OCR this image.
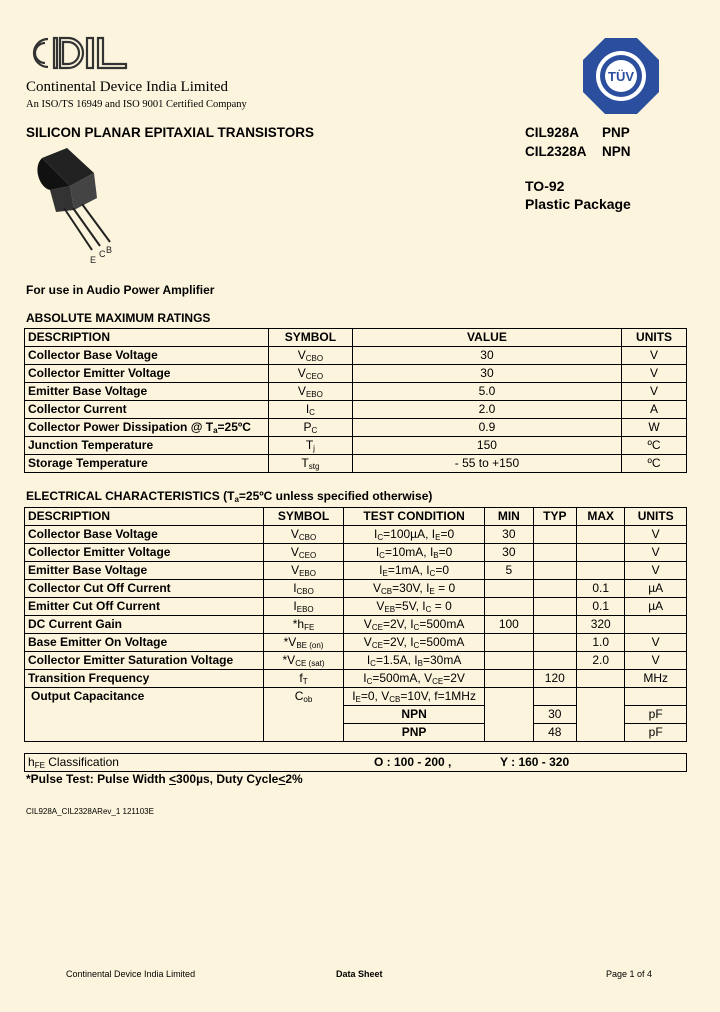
CDIL
Continental Device India Limited
An ISO/TS 16949 and ISO 9001 Certified Company
TÜV
SILICON PLANAR EPITAXIAL TRANSISTORS	CIL928A PNP
CIL2328A NPN
TO-92
Plastic Package
E
C B
For use in Audio Power Amplifier
ABSOLUTE MAXIMUM RATINGS
DESCRIPTION	SYMBOL	VALUE	UNITS
Collector Base Voltage	$V_{CBO}$	30	V
Collector Emitter Voltage	$V_{CEO}$	30	V
Emitter Base Voltage	$V_{EBO}$	5.0	V
Collector Current	$I_C$	2.0	A
Collector Power Dissipation @ $T_a=25ºC$	$P_C$	0.9	W
Junction Temperature	$T_j$	150	ºC
Storage Temperature	$T_{stg}$	- 55 to +150	ºC
ELECTRICAL CHARACTERISTICS ($T_a=25ºC$ unless specified otherwise)
DESCRIPTION	SYMBOL	TEST CONDITION	MIN	TYP	MAX	UNITS
Collector Base Voltage	$V_{CBO}$	$I_C=100\mu A$, $I_E=0$	30			V
Collector Emitter Voltage	$V_{CEO}$	$I_C=10mA$, $I_B=0$	30			V
Emitter Base Voltage	$V_{EBO}$	$I_E=1mA$, $I_C=0$	5			V
Collector Cut Off Current	$I_{CBO}$	$V_{CB}=30V$, $I_E = 0$			0.1	µA
Emitter Cut Off Current	$I_{EBO}$	$V_{EB}=5V$, $I_C = 0$			0.1	µA
DC Current Gain	$*h_{FE}$	$V_{CE}=2V$, $I_C=500mA$	100		320	
Base Emitter On Voltage	$*V_{BE (on)}$	$V_{CE}=2V$, $I_C=500mA$			1.0	V
Collector Emitter Saturation Voltage	$*V_{CE (sat)}$	$I_C=1.5A$, $I_B=30mA$			2.0	V
Transition Frequency	$f_T$	$I_C=500mA$, $V_{CE}=2V$		120		MHz
Output Capacitance	$C_{ob}$	$I_E=0$, $V_{CB}=10V$, f=1MHz				
		NPN		30		pF
		PNP		48		pF
$h_{FE}$ Classification	O : 100 - 200 ,	Y : 160 - 320
*Pulse Test: Pulse Width <300µs, Duty Cycle<2%
CIL928A_CIL2328ARev_1 121103E
Continental Device India Limited	Data Sheet	Page 1 of 4
